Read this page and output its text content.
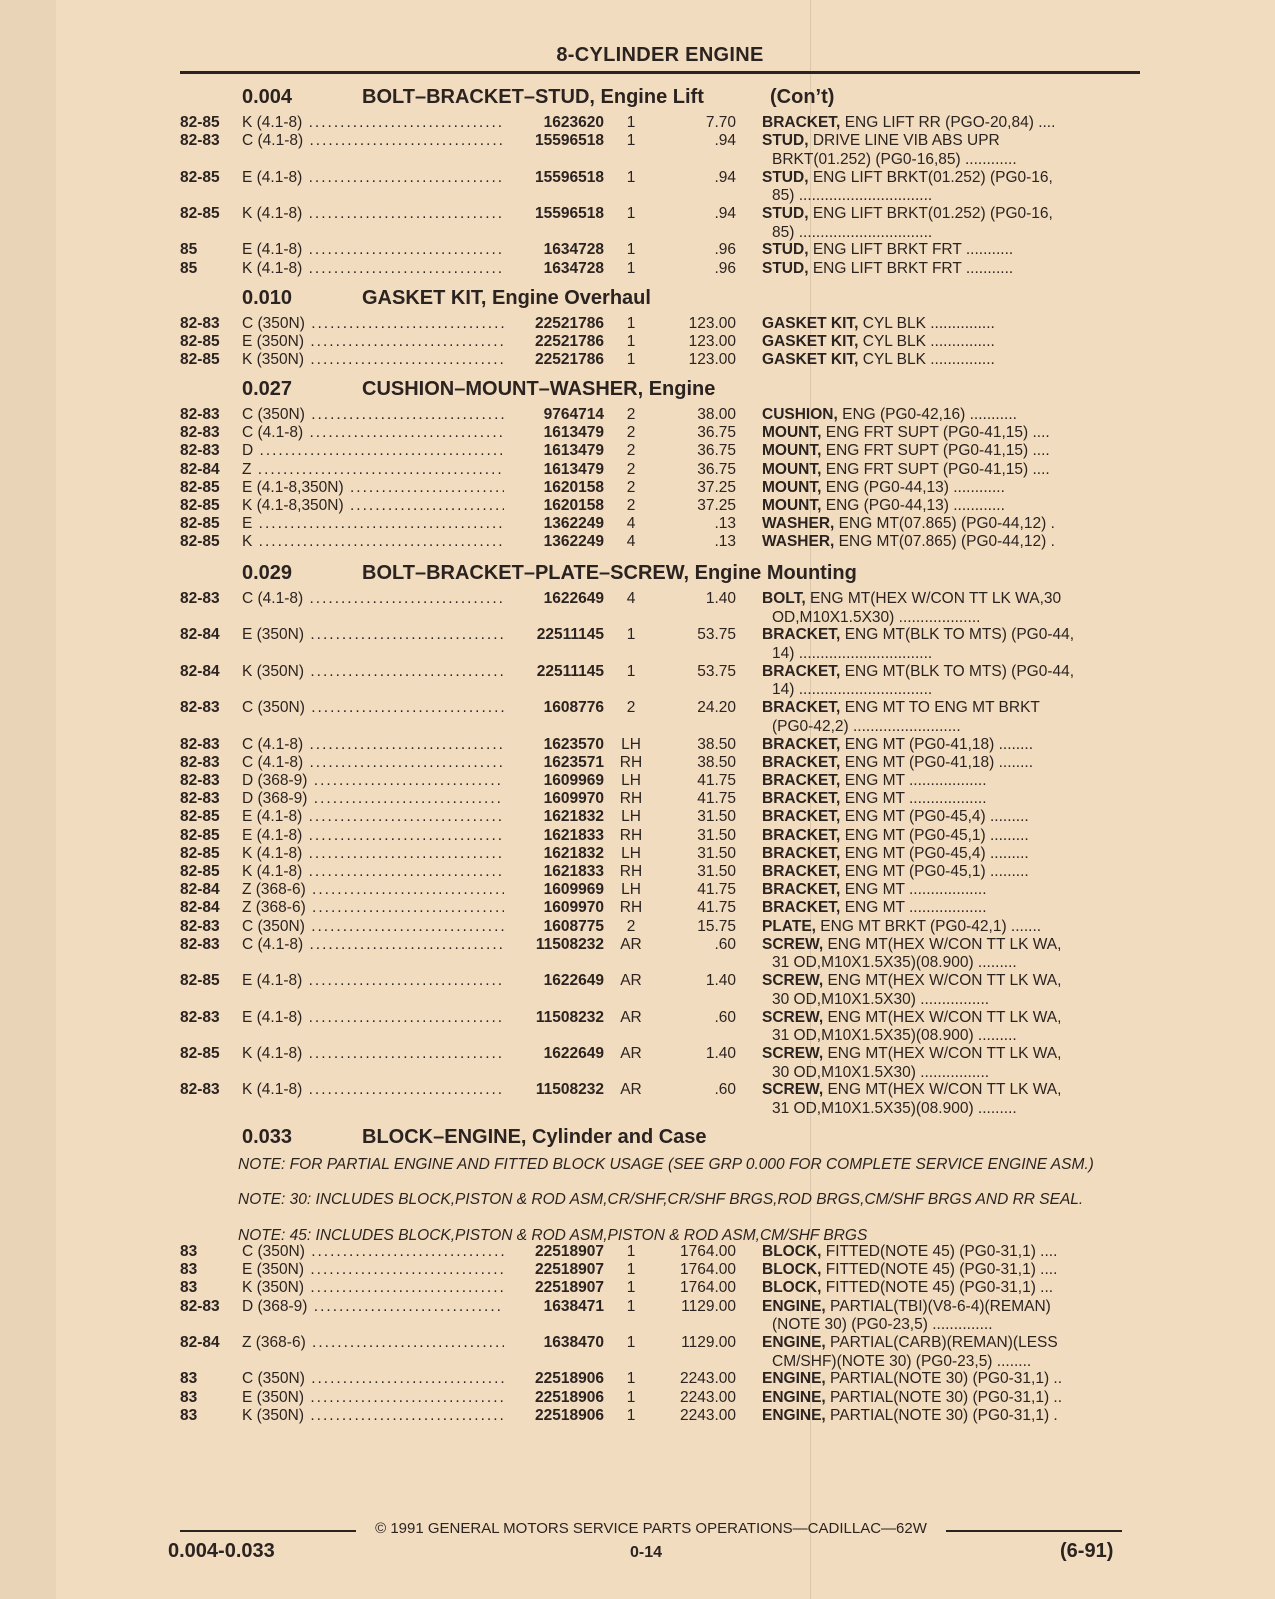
8-CYLINDER ENGINE
0.004	BOLT–BRACKET–STUD, Engine Lift	(Con’t)
82-85	K (4.1-8) .....	1623620	1	7.70 BRACKET, ENG LIFT RR (PGO-20,84) ....
82-83	C (4.1-8) .....	15596518	1	.94 STUD, DRIVE LINE VIB ABS UPR
BRKT(01.252) (PG0-16,85) ............
82-85	E (4.1-8) .....	15596518	1	.94 STUD, ENG LIFT BRKT(01.252) (PG0-16,
85) ...............................
82-85	K (4.1-8) .....	15596518	1	.94 STUD, ENG LIFT BRKT(01.252) (PG0-16,
85) ...............................
85	E (4.1-8) .....	1634728	1	.96 STUD, ENG LIFT BRKT FRT ...........
85	K (4.1-8) .....	1634728	1	.96 STUD, ENG LIFT BRKT FRT ...........
0.010	GASKET KIT, Engine Overhaul
82-83	C (350N) .....	22521786	1	123.00 GASKET KIT, CYL BLK ...............
82-85	E (350N) .....	22521786	1	123.00 GASKET KIT, CYL BLK ...............
82-85	K (350N) .....	22521786	1	123.00 GASKET KIT, CYL BLK ...............
0.027	CUSHION–MOUNT–WASHER, Engine
82-83	C (350N) .....	9764714	2	38.00 CUSHION, ENG (PG0-42,16) ...........
82-83	C (4.1-8) .....	1613479	2	36.75 MOUNT, ENG FRT SUPT (PG0-41,15) ....
82-83	D .....	1613479	2	36.75 MOUNT, ENG FRT SUPT (PG0-41,15) ....
82-84	Z .....	1613479	2	36.75 MOUNT, ENG FRT SUPT (PG0-41,15) ....
82-85	E (4.1-8,350N) .....	1620158	2	37.25 MOUNT, ENG (PG0-44,13) ............
82-85	K (4.1-8,350N) .....	1620158	2	37.25 MOUNT, ENG (PG0-44,13) ............
82-85	E .....	1362249	4	.13 WASHER, ENG MT(07.865) (PG0-44,12) .
82-85	K .....	1362249	4	.13 WASHER, ENG MT(07.865) (PG0-44,12) .
0.029	BOLT–BRACKET–PLATE–SCREW, Engine Mounting
82-83	C (4.1-8) .....	1622649	4	1.40 BOLT, ENG MT(HEX W/CON TT LK WA,30
OD,M10X1.5X30) ...................
82-84	E (350N) .....	22511145	1	53.75 BRACKET, ENG MT(BLK TO MTS) (PG0-44,
14) ...............................
82-84	K (350N) .....	22511145	1	53.75 BRACKET, ENG MT(BLK TO MTS) (PG0-44,
14) ...............................
82-83	C (350N) .....	1608776	2	24.20 BRACKET, ENG MT TO ENG MT BRKT
(PG0-42,2) .........................
82-83	C (4.1-8) .....	1623570	LH	38.50 BRACKET, ENG MT (PG0-41,18) ........
82-83	C (4.1-8) .....	1623571 RH	38.50 BRACKET, ENG MT (PG0-41,18) ........
82-83	D (368-9) .....	1609969	LH	41.75 BRACKET, ENG MT ..................
82-83	D (368-9) .....	1609970 RH	41.75 BRACKET, ENG MT ..................
82-85	E (4.1-8) .....	1621832	LH	31.50 BRACKET, ENG MT (PG0-45,4) .........
82-85	E (4.1-8) .....	1621833 RH	31.50 BRACKET, ENG MT (PG0-45,1) .........
82-85	K (4.1-8) .....	1621832	LH	31.50 BRACKET, ENG MT (PG0-45,4) .........
82-85	K (4.1-8) .....	1621833 RH	31.50 BRACKET, ENG MT (PG0-45,1) .........
82-84	Z (368-6) .....	1609969	LH	41.75 BRACKET, ENG MT ..................
82-84	Z (368-6) .....	1609970 RH	41.75 BRACKET, ENG MT ..................
82-83	C (350N) .....	1608775	2	15.75 PLATE, ENG MT BRKT (PG0-42,1) .......
82-83	C (4.1-8) .....	11508232 AR	.60 SCREW, ENG MT(HEX W/CON TT LK WA,
31 OD,M10X1.5X35)(08.900) .........
82-85	E (4.1-8) .....	1622649 AR	1.40 SCREW, ENG MT(HEX W/CON TT LK WA,
30 OD,M10X1.5X30) ................
82-83	E (4.1-8) .....	11508232 AR	.60 SCREW, ENG MT(HEX W/CON TT LK WA,
31 OD,M10X1.5X35)(08.900) .........
82-85	K (4.1-8) .....	1622649 AR	1.40 SCREW, ENG MT(HEX W/CON TT LK WA,
30 OD,M10X1.5X30) ................
82-83	K (4.1-8) .....	11508232 AR	.60 SCREW, ENG MT(HEX W/CON TT LK WA,
31 OD,M10X1.5X35)(08.900) .........
0.033	BLOCK–ENGINE, Cylinder and Case
NOTE: FOR PARTIAL ENGINE AND FITTED BLOCK USAGE (SEE GRP 0.000 FOR COMPLETE SERVICE ENGINE ASM.)
NOTE: 30: INCLUDES BLOCK,PISTON & ROD ASM,CR/SHF,CR/SHF BRGS,ROD BRGS,CM/SHF BRGS AND RR SEAL.
NOTE: 45: INCLUDES BLOCK,PISTON & ROD ASM,PISTON & ROD ASM,CM/SHF BRGS
83	C (350N) .....	22518907	1	1764.00 BLOCK, FITTED(NOTE 45) (PG0-31,1) ....
83	E (350N) .....	22518907	1	1764.00 BLOCK, FITTED(NOTE 45) (PG0-31,1) ....
83	K (350N) .....	22518907	1	1764.00 BLOCK, FITTED(NOTE 45) (PG0-31,1) ...
82-83	D (368-9) .....	1638471	1	1129.00 ENGINE, PARTIAL(TBI)(V8-6-4)(REMAN)
(NOTE 30) (PG0-23,5) ..............
82-84	Z (368-6) .....	1638470	1	1129.00 ENGINE, PARTIAL(CARB)(REMAN)(LESS
CM/SHF)(NOTE 30) (PG0-23,5) ........
83	C (350N) .....	22518906	1	2243.00 ENGINE, PARTIAL(NOTE 30) (PG0-31,1) ..
83	E (350N) .....	22518906	1	2243.00 ENGINE, PARTIAL(NOTE 30) (PG0-31,1) ..
83	K (350N) .....	22518906	1	2243.00 ENGINE, PARTIAL(NOTE 30) (PG0-31,1) .
© 1991 GENERAL MOTORS SERVICE PARTS OPERATIONS—CADILLAC—62W
0.004-0.033	0-14	(6-91)
